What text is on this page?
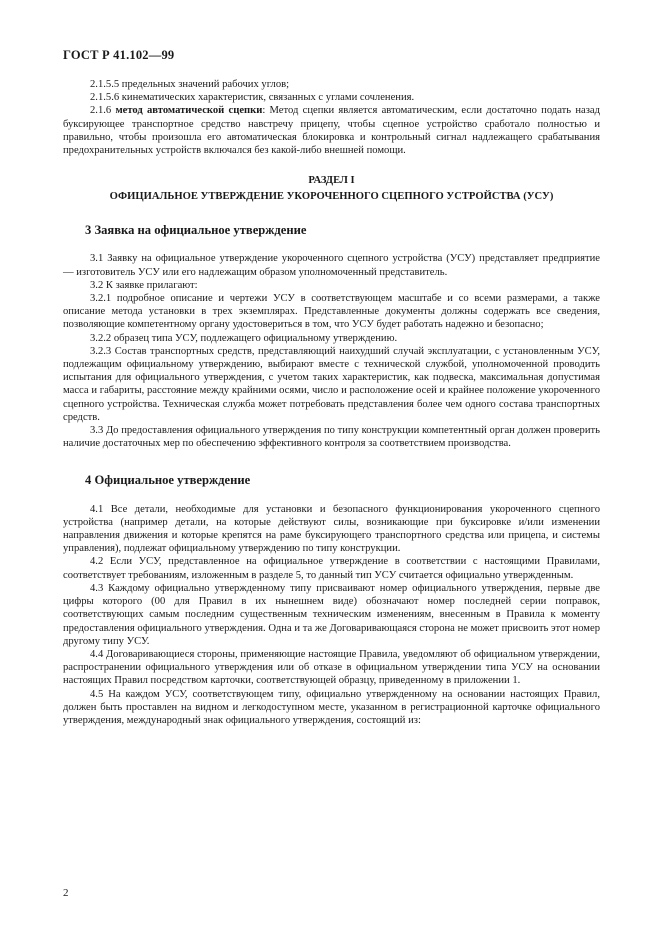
ГОСТ Р 41.102—99

2.1.5.5 предельных значений рабочих углов;

2.1.5.6 кинематических характеристик, связанных с углами сочленения.

2.1.6 метод автоматической сцепки: Метод сцепки является автоматическим, если достаточно подать назад буксирующее транспортное средство навстречу прицепу, чтобы сцепное устройство сработало полностью и правильно, чтобы произошла его автоматическая блокировка и контрольный сигнал надлежащего срабатывания предохранительных устройств включался без какой-либо внешней помощи.

РАЗДЕЛ I
ОФИЦИАЛЬНОЕ УТВЕРЖДЕНИЕ УКОРОЧЕННОГО СЦЕПНОГО УСТРОЙСТВА (УСУ)
3 Заявка на официальное утверждение

3.1 Заявку на официальное утверждение укороченного сцепного устройства (УСУ) представляет предприятие — изготовитель УСУ или его надлежащим образом уполномоченный представитель.

3.2 К заявке прилагают:

3.2.1 подробное описание и чертежи УСУ в соответствующем масштабе и со всеми размерами, а также описание метода установки в трех экземплярах. Представленные документы должны содержать все сведения, позволяющие компетентному органу удостовериться в том, что УСУ будет работать надежно и безопасно;

3.2.2 образец типа УСУ, подлежащего официальному утверждению.

3.2.3 Состав транспортных средств, представляющий наихудший случай эксплуатации, с установленным УСУ, подлежащим официальному утверждению, выбирают вместе с технической службой, уполномоченной проводить испытания для официального утверждения, с учетом таких характеристик, как подвеска, максимальная допустимая масса и габариты, расстояние между крайними осями, число и расположение осей и крайнее положение укороченного сцепного устройства. Техническая служба может потребовать представления более чем одного состава транспортных средств.

3.3 До предоставления официального утверждения по типу конструкции компетентный орган должен проверить наличие достаточных мер по обеспечению эффективного контроля за соответствием производства.

4 Официальное утверждение

4.1 Все детали, необходимые для установки и безопасного функционирования укороченного сцепного устройства (например детали, на которые действуют силы, возникающие при буксировке и/или изменении направления движения и которые крепятся на раме буксирующего транспортного средства или прицепа, и системы управления), подлежат официальному утверждению по типу конструкции.

4.2 Если УСУ, представленное на официальное утверждение в соответствии с настоящими Правилами, соответствует требованиям, изложенным в разделе 5, то данный тип УСУ считается официально утвержденным.

4.3 Каждому официально утвержденному типу присваивают номер официального утверждения, первые две цифры которого (00 для Правил в их нынешнем виде) обозначают номер последней серии поправок, соответствующих самым последним существенным техническим изменениям, внесенным в Правила к моменту предоставления официального утверждения. Одна и та же Договаривающаяся сторона не может присвоить этот номер другому типу УСУ.

4.4 Договаривающиеся стороны, применяющие настоящие Правила, уведомляют об официальном утверждении, распространении официального утверждения или об отказе в официальном утверждении типа УСУ на основании настоящих Правил посредством карточки, соответствующей образцу, приведенному в приложении 1.

4.5 На каждом УСУ, соответствующем типу, официально утвержденному на основании настоящих Правил, должен быть проставлен на видном и легкодоступном месте, указанном в регистрационной карточке официального утверждения, международный знак официального утверждения, состоящий из:

2
